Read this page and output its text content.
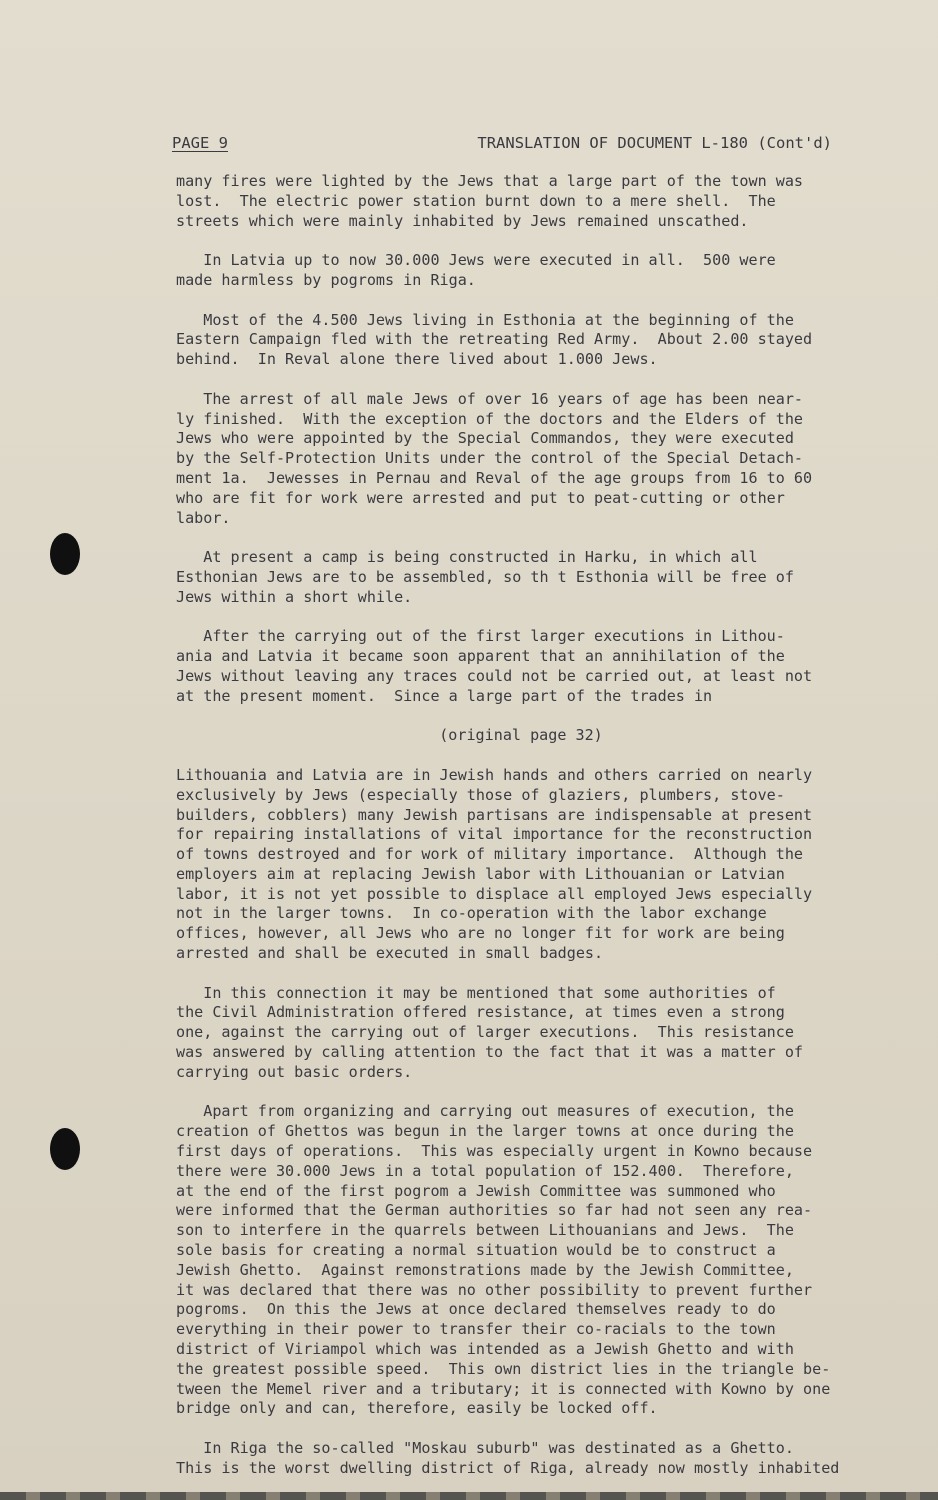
PAGE 9	TRANSLATION OF DOCUMENT L-180 (Cont'd)
many fires were lighted by the Jews that a large part of the town was
lost.  The electric power station burnt down to a mere shell.  The
streets which were mainly inhabited by Jews remained unscathed.
In Latvia up to now 30.000 Jews were executed in all.  500 were
made harmless by pogroms in Riga.
Most of the 4.500 Jews living in Esthonia at the beginning of the
Eastern Campaign fled with the retreating Red Army.  About 2.00 stayed
behind.  In Reval alone there lived about 1.000 Jews.
The arrest of all male Jews of over 16 years of age has been near-
ly finished.  With the exception of the doctors and the Elders of the
Jews who were appointed by the Special Commandos, they were executed
by the Self-Protection Units under the control of the Special Detach-
ment 1a.  Jewesses in Pernau and Reval of the age groups from 16 to 60
who are fit for work were arrested and put to peat-cutting or other
labor.
At present a camp is being constructed in Harku, in which all
Esthonian Jews are to be assembled, so th t Esthonia will be free of
Jews within a short while.
After the carrying out of the first larger executions in Lithou-
ania and Latvia it became soon apparent that an annihilation of the
Jews without leaving any traces could not be carried out, at least not
at the present moment.  Since a large part of the trades in
(original page 32)
Lithouania and Latvia are in Jewish hands and others carried on nearly
exclusively by Jews (especially those of glaziers, plumbers, stove-
builders, cobblers) many Jewish partisans are indispensable at present
for repairing installations of vital importance for the reconstruction
of towns destroyed and for work of military importance.  Although the
employers aim at replacing Jewish labor with Lithouanian or Latvian
labor, it is not yet possible to displace all employed Jews especially
not in the larger towns.  In co-operation with the labor exchange
offices, however, all Jews who are no longer fit for work are being
arrested and shall be executed in small badges.
In this connection it may be mentioned that some authorities of
the Civil Administration offered resistance, at times even a strong
one, against the carrying out of larger executions.  This resistance
was answered by calling attention to the fact that it was a matter of
carrying out basic orders.
Apart from organizing and carrying out measures of execution, the
creation of Ghettos was begun in the larger towns at once during the
first days of operations.  This was especially urgent in Kowno because
there were 30.000 Jews in a total population of 152.400.  Therefore,
at the end of the first pogrom a Jewish Committee was summoned who
were informed that the German authorities so far had not seen any rea-
son to interfere in the quarrels between Lithouanians and Jews.  The
sole basis for creating a normal situation would be to construct a
Jewish Ghetto.  Against remonstrations made by the Jewish Committee,
it was declared that there was no other possibility to prevent further
pogroms.  On this the Jews at once declared themselves ready to do
everything in their power to transfer their co-racials to the town
district of Viriampol which was intended as a Jewish Ghetto and with
the greatest possible speed.  This own district lies in the triangle be-
tween the Memel river and a tributary; it is connected with Kowno by one
bridge only and can, therefore, easily be locked off.
In Riga the so-called "Moskau suburb" was destinated as a Ghetto.
This is the worst dwelling district of Riga, already now mostly inhabited
